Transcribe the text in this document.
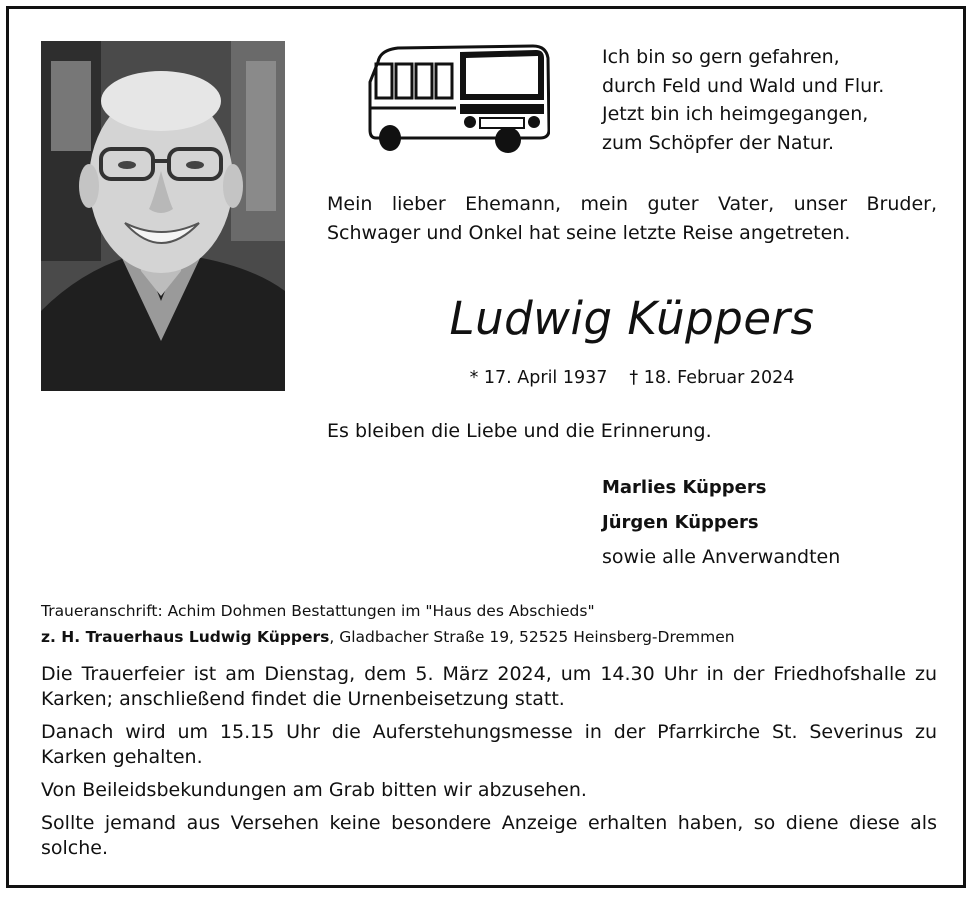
Ich bin so gern gefahren,
durch Feld und Wald und Flur.
Jetzt bin ich heimgegangen,
zum Schöpfer der Natur.
Mein lieber Ehemann, mein guter Vater, unser Bruder, Schwager und Onkel hat seine letzte Reise angetreten.
Ludwig Küppers
* 17. April 1937 † 18. Februar 2024
Es bleiben die Liebe und die Erinnerung.
Marlies Küppers
Jürgen Küppers
sowie alle Anverwandten
Traueranschrift: Achim Dohmen Bestattungen im "Haus des Abschieds"
z. H. Trauerhaus Ludwig Küppers, Gladbacher Straße 19, 52525 Heinsberg-Dremmen

Die Trauerfeier ist am Dienstag, dem 5. März 2024, um 14.30 Uhr in der Friedhofshalle zu Karken; anschließend findet die Urnenbeisetzung statt.

Danach wird um 15.15 Uhr die Auferstehungsmesse in der Pfarrkirche St. Severinus zu Karken gehalten.

Von Beileidsbekundungen am Grab bitten wir abzusehen.

Sollte jemand aus Versehen keine besondere Anzeige erhalten haben, so diene diese als solche.
